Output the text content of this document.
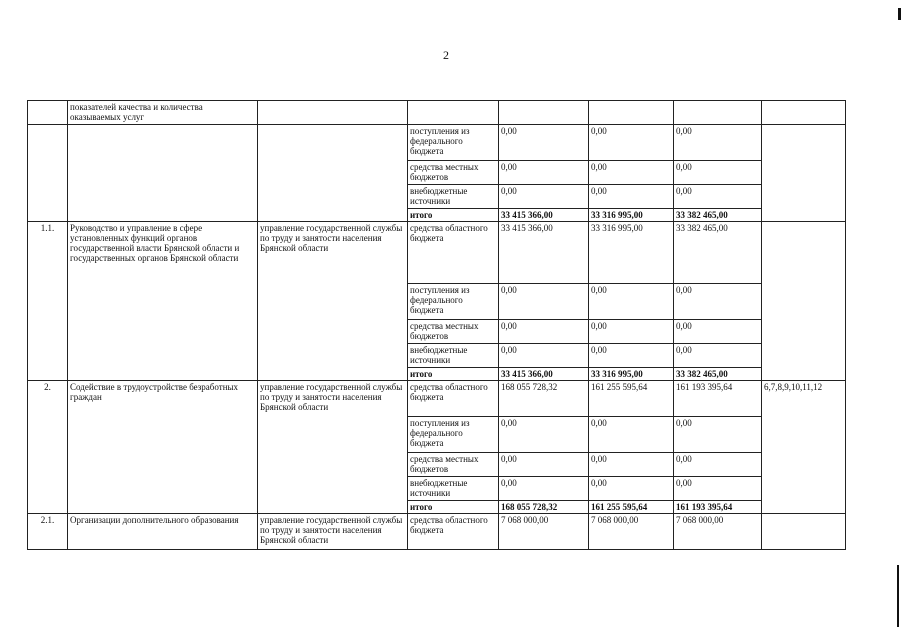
2
	показателей качества и количества оказываемых услуг						
			поступления из федерального бюджета	0,00	0,00	0,00	
			средства местных бюджетов	0,00	0,00	0,00	
			внебюджетные источники	0,00	0,00	0,00	
			итого	33 415 366,00	33 316 995,00	33 382 465,00	
1.1.	Руководство и управление в сфере установленных функций органов государственной власти Брянской области и государственных органов Брянской области	управление государственной службы по труду и занятости населения Брянской области	средства областного бюджета	33 415 366,00	33 316 995,00	33 382 465,00	
			поступления из федерального бюджета	0,00	0,00	0,00	
			средства местных бюджетов	0,00	0,00	0,00	
			внебюджетные источники	0,00	0,00	0,00	
			итого	33 415 366,00	33 316 995,00	33 382 465,00	
2.	Содействие в трудоустройстве безработных граждан	управление государственной службы по труду и занятости населения Брянской области	средства областного бюджета	168 055 728,32	161 255 595,64	161 193 395,64	6,7,8,9,10,11,12
			поступления из федерального бюджета	0,00	0,00	0,00	
			средства местных бюджетов	0,00	0,00	0,00	
			внебюджетные источники	0,00	0,00	0,00	
			итого	168 055 728,32	161 255 595,64	161 193 395,64	
2.1.	Организации дополнительного образования	управление государственной службы по труду и занятости населения Брянской области	средства областного бюджета	7 068 000,00	7 068 000,00	7 068 000,00	
